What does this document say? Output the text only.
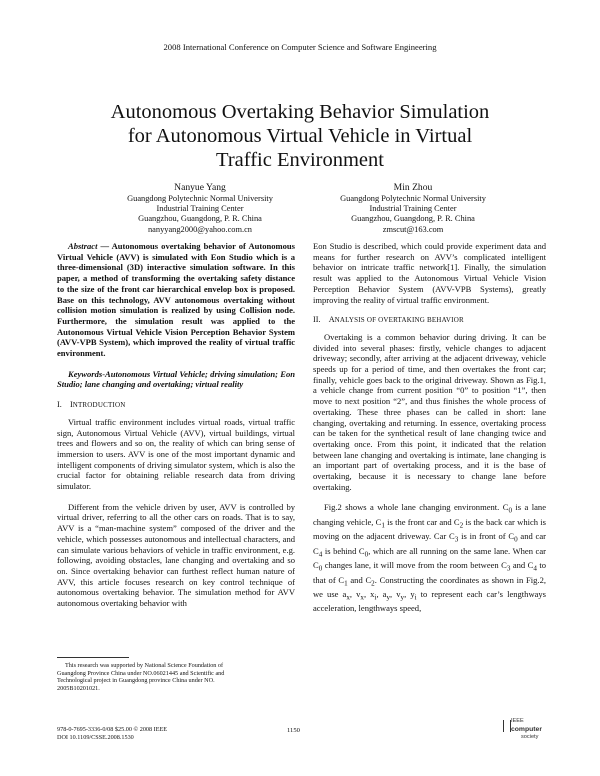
2008 International Conference on Computer Science and Software Engineering
Autonomous Overtaking Behavior Simulation
for Autonomous Virtual Vehicle in Virtual
Traffic Environment
Nanyue Yang
Guangdong Polytechnic Normal University
Industrial Training Center
Guangzhou, Guangdong, P. R. China
nanyyang2000@yahoo.com.cn
Min Zhou
Guangdong Polytechnic Normal University
Industrial Training Center
Guangzhou, Guangdong, P. R. China
zmscut@163.com

Abstract — Autonomous overtaking behavior of Autonomous Virtual Vehicle (AVV) is simulated with Eon Studio which is a three-dimensional (3D) interactive simulation software. In this paper, a method of transforming the overtaking safety distance to the size of the front car hierarchical envelop box is proposed. Base on this technology, AVV autonomous overtaking without collision motion simulation is realized by using Collision node. Furthermore, the simulation result was applied to the Autonomous Virtual Vehicle Vision Perception Behavior System (AVV-VPB System), which improved the reality of virtual traffic environment.

Keywords-Autonomous Virtual Vehicle; driving simulation; Eon Studio; lane changing and overtaking; virtual reality

I. INTRODUCTION

Virtual traffic environment includes virtual roads, virtual traffic sign, Autonomous Virtual Vehicle (AVV), virtual buildings, virtual trees and flowers and so on, the reality of which can bring sense of immersion to users. AVV is one of the most important dynamic and intelligent components of driving simulator system, which is also the crucial factor for obtaining reliable research data from driving simulator.

Different from the vehicle driven by user, AVV is controlled by virtual driver, referring to all the other cars on roads. That is to say, AVV is a “man-machine system” composed of the driver and the vehicle, which possesses autonomous and intellectual characters, and can simulate various behaviors of vehicle in traffic environment, e.g. following, avoiding obstacles, lane changing and overtaking and so on. Since overtaking behavior can furthest reflect human nature of AVV, this article focuses research on key control technique of autonomous overtaking behavior. The simulation method for AVV autonomous overtaking behavior with

Eon Studio is described, which could provide experiment data and means for further research on AVV’s complicated intelligent behavior on intricate traffic network[1]. Finally, the simulation result was applied to the Autonomous Virtual Vehicle Vision Perception Behavior System (AVV-VPB Systems), greatly improving the reality of virtual traffic environment.

II. ANALYSIS OF OVERTAKING BEHAVIOR

Overtaking is a common behavior during driving. It can be divided into several phases: firstly, vehicle changes to adjacent driveway; secondly, after arriving at the adjacent driveway, vehicle speeds up for a period of time, and then overtakes the front car; finally, vehicle goes back to the original driveway. Shown as Fig.1, a vehicle change from current position “0” to position “1”, then move to next position “2”, and thus finishes the whole process of overtaking. These three phases can be called in short: lane changing, overtaking and returning. In essence, overtaking process can be taken for the synthetical result of lane changing twice and overtaking once. From this point, it indicated that the relation between lane changing and overtaking is intimate, lane changing is an important part of overtaking process, and it is the base of overtaking, because it is necessary to change lane before overtaking.

Fig.2 shows a whole lane changing environment. $C_0$ is a lane changing vehicle, $C_1$ is the front car and $C_2$ is the back car which is moving on the adjacent driveway. Car $C_3$ is in front of $C_0$ and car $C_4$ is behind $C_0$, which are all running on the same lane. When car $C_0$ changes lane, it will move from the room between $C_3$ and $C_4$ to that of $C_1$ and $C_2$. Constructing the coordinates as shown in Fig.2, we use $a_x$, $v_x$, $x_i$, $a_y$, $v_y$, $y_i$ to represent each car’s lengthways acceleration, lengthways speed,

This research was supported by National Science Foundation of

Guangdong Province China under NO.06021445 and Scientific and

Technological project in Guangdong province China under NO.

2005B10201021.

978-0-7695-3336-0/08 $25.00 © 2008 IEEE
DOI 10.1109/CSSE.2008.1530
1150
IEEE
computer
society
